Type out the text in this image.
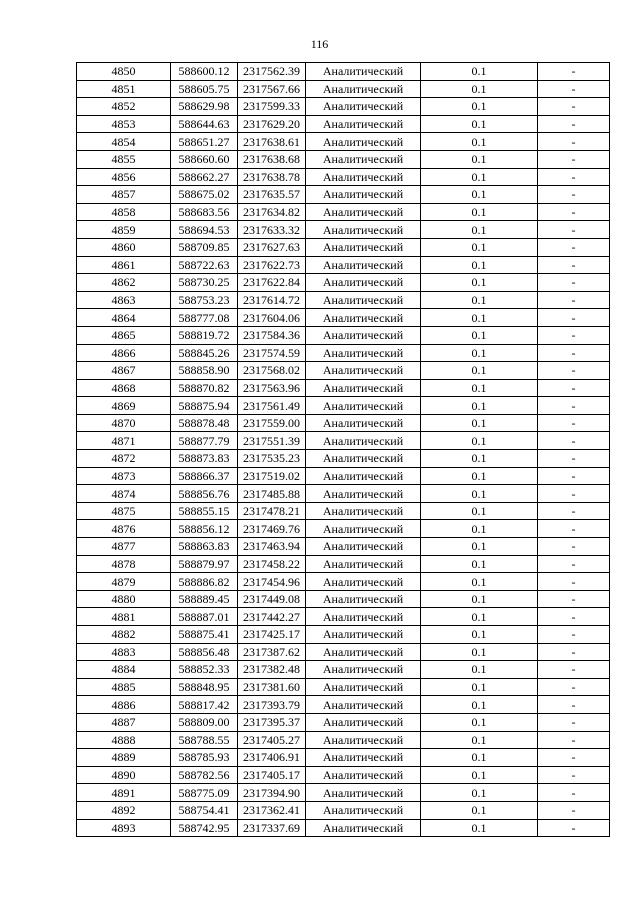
116
4850	588600.12	2317562.39	Аналитический	0.1	-
4851	588605.75	2317567.66	Аналитический	0.1	-
4852	588629.98	2317599.33	Аналитический	0.1	-
4853	588644.63	2317629.20	Аналитический	0.1	-
4854	588651.27	2317638.61	Аналитический	0.1	-
4855	588660.60	2317638.68	Аналитический	0.1	-
4856	588662.27	2317638.78	Аналитический	0.1	-
4857	588675.02	2317635.57	Аналитический	0.1	-
4858	588683.56	2317634.82	Аналитический	0.1	-
4859	588694.53	2317633.32	Аналитический	0.1	-
4860	588709.85	2317627.63	Аналитический	0.1	-
4861	588722.63	2317622.73	Аналитический	0.1	-
4862	588730.25	2317622.84	Аналитический	0.1	-
4863	588753.23	2317614.72	Аналитический	0.1	-
4864	588777.08	2317604.06	Аналитический	0.1	-
4865	588819.72	2317584.36	Аналитический	0.1	-
4866	588845.26	2317574.59	Аналитический	0.1	-
4867	588858.90	2317568.02	Аналитический	0.1	-
4868	588870.82	2317563.96	Аналитический	0.1	-
4869	588875.94	2317561.49	Аналитический	0.1	-
4870	588878.48	2317559.00	Аналитический	0.1	-
4871	588877.79	2317551.39	Аналитический	0.1	-
4872	588873.83	2317535.23	Аналитический	0.1	-
4873	588866.37	2317519.02	Аналитический	0.1	-
4874	588856.76	2317485.88	Аналитический	0.1	-
4875	588855.15	2317478.21	Аналитический	0.1	-
4876	588856.12	2317469.76	Аналитический	0.1	-
4877	588863.83	2317463.94	Аналитический	0.1	-
4878	588879.97	2317458.22	Аналитический	0.1	-
4879	588886.82	2317454.96	Аналитический	0.1	-
4880	588889.45	2317449.08	Аналитический	0.1	-
4881	588887.01	2317442.27	Аналитический	0.1	-
4882	588875.41	2317425.17	Аналитический	0.1	-
4883	588856.48	2317387.62	Аналитический	0.1	-
4884	588852.33	2317382.48	Аналитический	0.1	-
4885	588848.95	2317381.60	Аналитический	0.1	-
4886	588817.42	2317393.79	Аналитический	0.1	-
4887	588809.00	2317395.37	Аналитический	0.1	-
4888	588788.55	2317405.27	Аналитический	0.1	-
4889	588785.93	2317406.91	Аналитический	0.1	-
4890	588782.56	2317405.17	Аналитический	0.1	-
4891	588775.09	2317394.90	Аналитический	0.1	-
4892	588754.41	2317362.41	Аналитический	0.1	-
4893	588742.95	2317337.69	Аналитический	0.1	-
